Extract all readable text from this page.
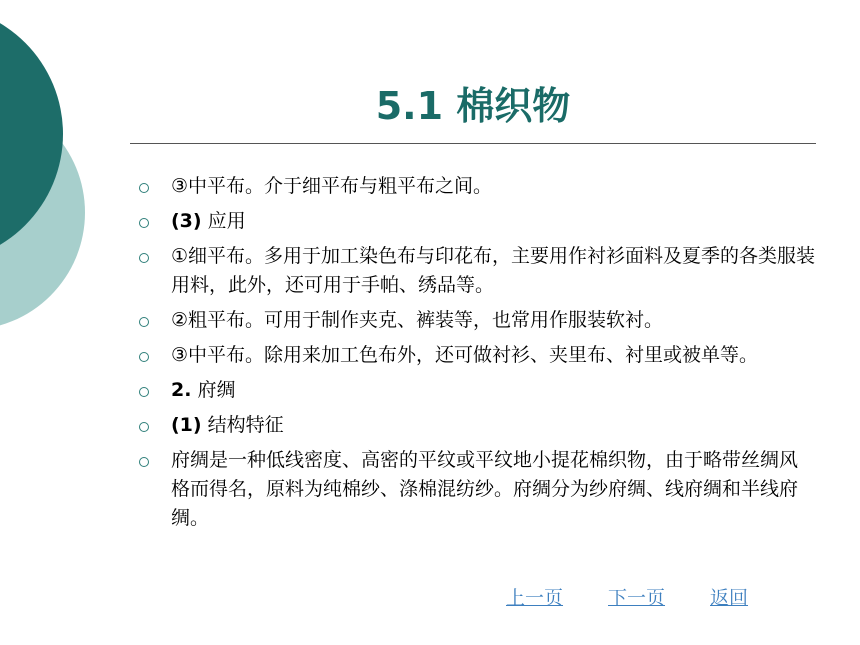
5.1 棉织物
③中平布。介于细平布与粗平布之间。
(3) 应用
①细平布。多用于加工染色布与印花布，主要用作衬衫面料及夏季的各类服装用料，此外，还可用于手帕、绣品等。
②粗平布。可用于制作夹克、裤装等，也常用作服装软衬。
③中平布。除用来加工色布外，还可做衬衫、夹里布、衬里或被单等。
2. 府绸
(1) 结构特征
府绸是一种低线密度、高密的平纹或平纹地小提花棉织物，由于略带丝绸风格而得名，原料为纯棉纱、涤棉混纺纱。府绸分为纱府绸、线府绸和半线府绸。
上一页 下一页 返回
